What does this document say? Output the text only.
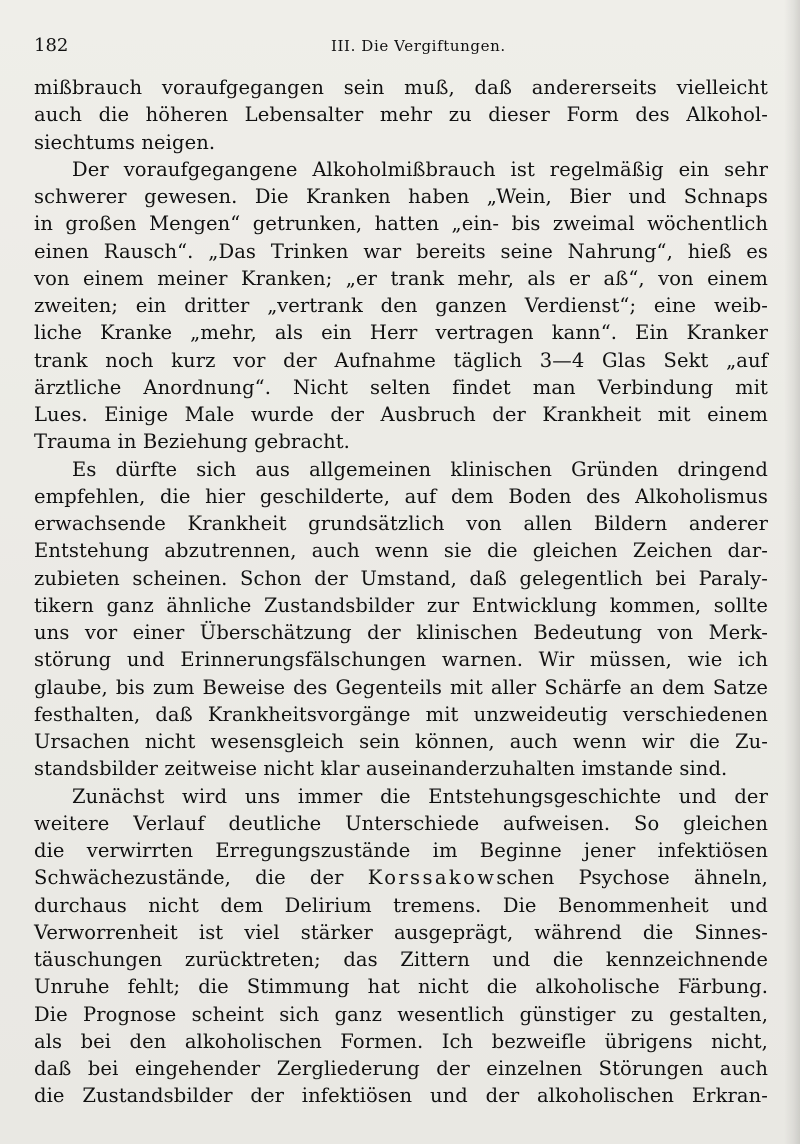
182	III. Die Vergiftungen.
mißbrauch voraufgegangen sein muß, daß andererseits vielleicht
auch die höheren Lebensalter mehr zu dieser Form des Alkohol-
siechtums neigen.
Der voraufgegangene Alkoholmißbrauch ist regelmäßig ein sehr
schwerer gewesen. Die Kranken haben „Wein, Bier und Schnaps
in großen Mengen“ getrunken, hatten „ein- bis zweimal wöchentlich
einen Rausch“. „Das Trinken war bereits seine Nahrung“, hieß es
von einem meiner Kranken; „er trank mehr, als er aß“, von einem
zweiten; ein dritter „vertrank den ganzen Verdienst“; eine weib-
liche Kranke „mehr, als ein Herr vertragen kann“. Ein Kranker
trank noch kurz vor der Aufnahme täglich 3—4 Glas Sekt „auf
ärztliche Anordnung“. Nicht selten findet man Verbindung mit
Lues. Einige Male wurde der Ausbruch der Krankheit mit einem
Trauma in Beziehung gebracht.
Es dürfte sich aus allgemeinen klinischen Gründen dringend
empfehlen, die hier geschilderte, auf dem Boden des Alkoholismus
erwachsende Krankheit grundsätzlich von allen Bildern anderer
Entstehung abzutrennen, auch wenn sie die gleichen Zeichen dar-
zubieten scheinen. Schon der Umstand, daß gelegentlich bei Paraly-
tikern ganz ähnliche Zustandsbilder zur Entwicklung kommen, sollte
uns vor einer Überschätzung der klinischen Bedeutung von Merk-
störung und Erinnerungsfälschungen warnen. Wir müssen, wie ich
glaube, bis zum Beweise des Gegenteils mit aller Schärfe an dem Satze
festhalten, daß Krankheitsvorgänge mit unzweideutig verschiedenen
Ursachen nicht wesensgleich sein können, auch wenn wir die Zu-
standsbilder zeitweise nicht klar auseinanderzuhalten imstande sind.
Zunächst wird uns immer die Entstehungsgeschichte und der
weitere Verlauf deutliche Unterschiede aufweisen. So gleichen
die verwirrten Erregungszustände im Beginne jener infektiösen
Schwächezustände, die der Korssakowschen Psychose ähneln,
durchaus nicht dem Delirium tremens. Die Benommenheit und
Verworrenheit ist viel stärker ausgeprägt, während die Sinnes-
täuschungen zurücktreten; das Zittern und die kennzeichnende
Unruhe fehlt; die Stimmung hat nicht die alkoholische Färbung.
Die Prognose scheint sich ganz wesentlich günstiger zu gestalten,
als bei den alkoholischen Formen. Ich bezweifle übrigens nicht,
daß bei eingehender Zergliederung der einzelnen Störungen auch
die Zustandsbilder der infektiösen und der alkoholischen Erkran-
